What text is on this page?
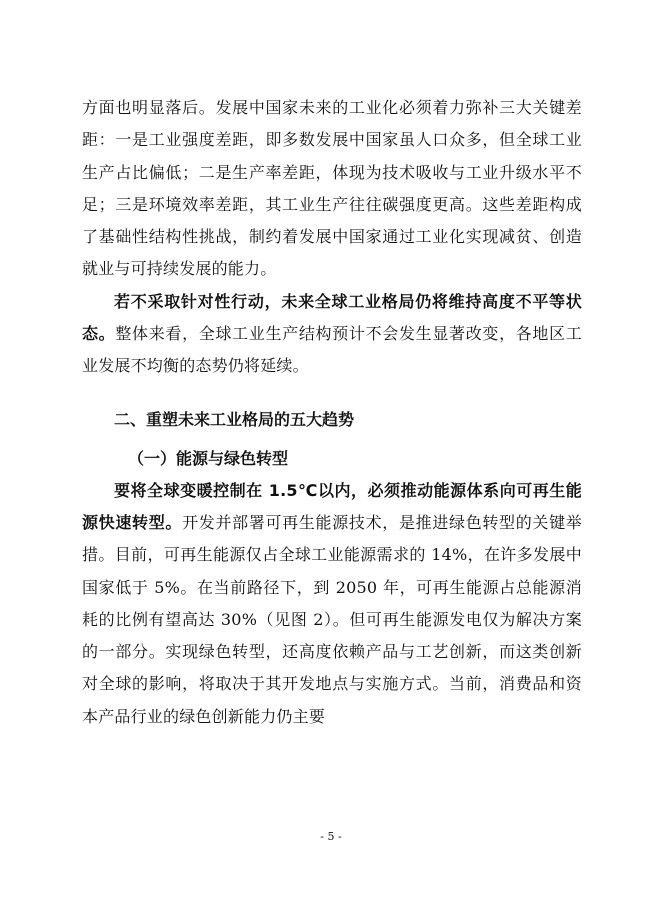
方面也明显落后。发展中国家未来的工业化必须着力弥补三大关键差距：一是工业强度差距，即多数发展中国家虽人口众多，但全球工业生产占比偏低；二是生产率差距，体现为技术吸收与工业升级水平不足；三是环境效率差距，其工业生产往往碳强度更高。这些差距构成了基础性结构性挑战，制约着发展中国家通过工业化实现减贫、创造就业与可持续发展的能力。

若不采取针对性行动，未来全球工业格局仍将维持高度不平等状态。整体来看，全球工业生产结构预计不会发生显著改变，各地区工业发展不均衡的态势仍将延续。

二、重塑未来工业格局的五大趋势

（一）能源与绿色转型

要将全球变暖控制在 1.5℃以内，必须推动能源体系向可再生能源快速转型。开发并部署可再生能源技术，是推进绿色转型的关键举措。目前，可再生能源仅占全球工业能源需求的 14%，在许多发展中国家低于 5%。在当前路径下，到 2050 年，可再生能源占总能源消耗的比例有望高达 30%（见图 2）。但可再生能源发电仅为解决方案的一部分。实现绿色转型，还高度依赖产品与工艺创新，而这类创新对全球的影响，将取决于其开发地点与实施方式。当前，消费品和资本产品行业的绿色创新能力仍主要

- 5 -
